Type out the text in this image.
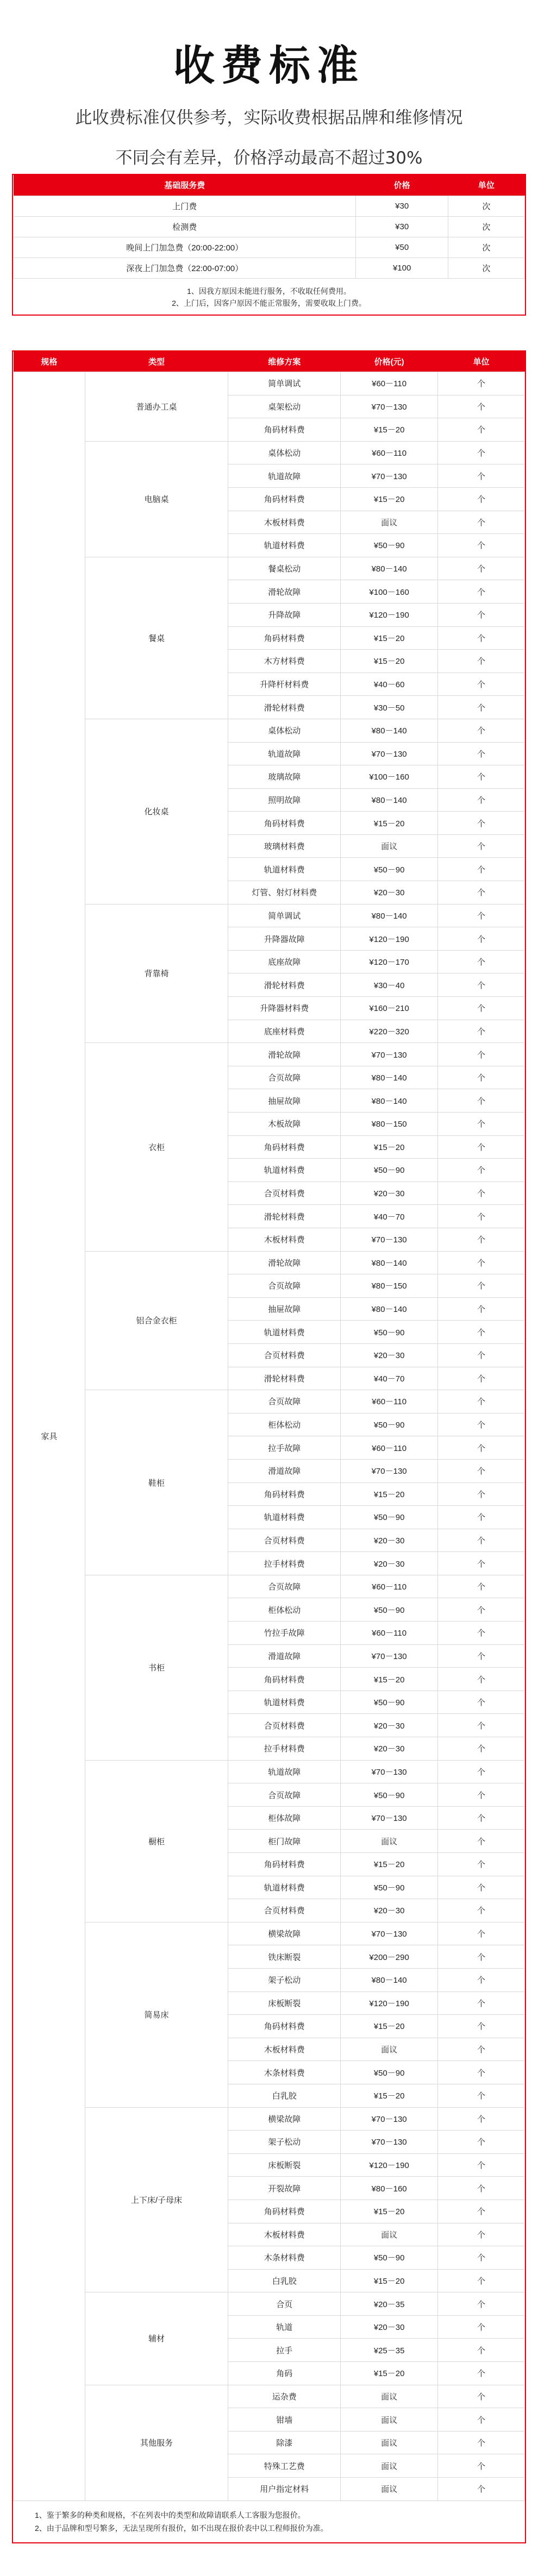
收费标准

此收费标准仅供参考，实际收费根据品牌和维修情况

不同会有差异，价格浮动最高不超过30%

基础服务费	价格	单位
上门费	¥30	次
检测费	¥30	次
晚间上门加急费（20:00-22:00）	¥50	次
深夜上门加急费（22:00-07:00）	¥100	次
1、因我方原因未能进行服务，不收取任何费用。
2、上门后，因客户原因不能正常服务，需要收取上门费。
规格	类型	维修方案	价格(元)	单位
家具	普通办工桌	简单调试	¥60－110	个
		桌架松动	¥70－130	个
		角码材料费	¥15－20	个
	电脑桌	桌体松动	¥60－110	个
		轨道故障	¥70－130	个
		角码材料费	¥15－20	个
		木板材料费	面议	个
		轨道材料费	¥50－90	个
	餐桌	餐桌松动	¥80－140	个
		滑轮故障	¥100－160	个
		升降故障	¥120－190	个
		角码材料费	¥15－20	个
		木方材料费	¥15－20	个
		升降杆材料费	¥40－60	个
		滑轮材料费	¥30－50	个
	化妆桌	桌体松动	¥80－140	个
		轨道故障	¥70－130	个
		玻璃故障	¥100－160	个
		照明故障	¥80－140	个
		角码材料费	¥15－20	个
		玻璃材料费	面议	个
		轨道材料费	¥50－90	个
		灯管、射灯材料费	¥20－30	个
	背靠椅	简单调试	¥80－140	个
		升降器故障	¥120－190	个
		底座故障	¥120－170	个
		滑轮材料费	¥30－40	个
		升降器材料费	¥160－210	个
		底座材料费	¥220－320	个
	衣柜	滑轮故障	¥70－130	个
		合页故障	¥80－140	个
		抽屉故障	¥80－140	个
		木板故障	¥80－150	个
		角码材料费	¥15－20	个
		轨道材料费	¥50－90	个
		合页材料费	¥20－30	个
		滑轮材料费	¥40－70	个
		木板材料费	¥70－130	个
	铝合金衣柜	滑轮故障	¥80－140	个
		合页故障	¥80－150	个
		抽屉故障	¥80－140	个
		轨道材料费	¥50－90	个
		合页材料费	¥20－30	个
		滑轮材料费	¥40－70	个
	鞋柜	合页故障	¥60－110	个
		柜体松动	¥50－90	个
		拉手故障	¥60－110	个
		滑道故障	¥70－130	个
		角码材料费	¥15－20	个
		轨道材料费	¥50－90	个
		合页材料费	¥20－30	个
		拉手材料费	¥20－30	个
	书柜	合页故障	¥60－110	个
		柜体松动	¥50－90	个
		竹拉手故障	¥60－110	个
		滑道故障	¥70－130	个
		角码材料费	¥15－20	个
		轨道材料费	¥50－90	个
		合页材料费	¥20－30	个
		拉手材料费	¥20－30	个
	橱柜	轨道故障	¥70－130	个
		合页故障	¥50－90	个
		柜体故障	¥70－130	个
		柜门故障	面议	个
		角码材料费	¥15－20	个
		轨道材料费	¥50－90	个
		合页材料费	¥20－30	个
	简易床	横梁故障	¥70－130	个
		铁床断裂	¥200－290	个
		架子松动	¥80－140	个
		床板断裂	¥120－190	个
		角码材料费	¥15－20	个
		木板材料费	面议	个
		木条材料费	¥50－90	个
		白乳胶	¥15－20	个
	上下床/子母床	横梁故障	¥70－130	个
		架子松动	¥70－130	个
		床板断裂	¥120－190	个
		开裂故障	¥80－160	个
		角码材料费	¥15－20	个
		木板材料费	面议	个
		木条材料费	¥50－90	个
		白乳胶	¥15－20	个
	辅材	合页	¥20－35	个
		轨道	¥20－30	个
		拉手	¥25－35	个
		角码	¥15－20	个
	其他服务	运杂费	面议	个
		钳墙	面议	个
		除漆	面议	个
		特殊工艺费	面议	个
		用户指定材料	面议	个
1、鉴于繁多的种类和规格，不在列表中的类型和故障请联系人工客服为您报价。
2、由于品牌和型号繁多，无法呈现所有报价，如不出现在报价表中以工程师报价为准。
